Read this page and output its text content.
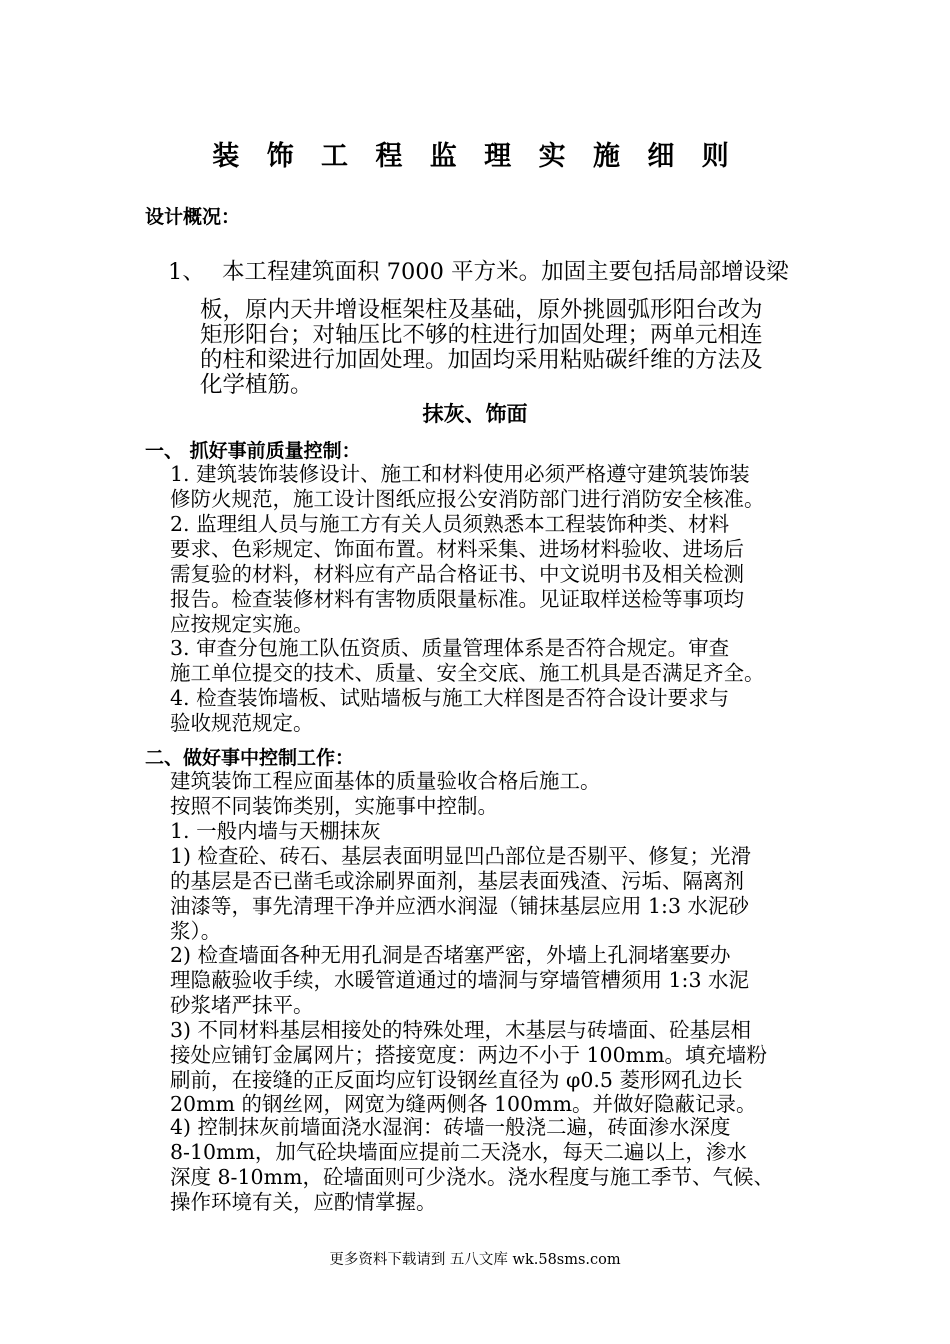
装 饰 工 程 监 理 实 施 细 则
设计概况：
1、 本工程建筑面积 7000 平方米。加固主要包括局部增设梁
板，原内天井增设框架柱及基础，原外挑圆弧形阳台改为
矩形阳台；对轴压比不够的柱进行加固处理；两单元相连
的柱和梁进行加固处理。加固均采用粘贴碳纤维的方法及
化学植筋。
抹灰、饰面
一、 抓好事前质量控制：
1. 建筑装饰装修设计、施工和材料使用必须严格遵守建筑装饰装
修防火规范，施工设计图纸应报公安消防部门进行消防安全核准。
2. 监理组人员与施工方有关人员须熟悉本工程装饰种类、材料
要求、色彩规定、饰面布置。材料采集、进场材料验收、进场后
需复验的材料，材料应有产品合格证书、中文说明书及相关检测
报告。检查装修材料有害物质限量标准。见证取样送检等事项均
应按规定实施。
3. 审查分包施工队伍资质、质量管理体系是否符合规定。审查
施工单位提交的技术、质量、安全交底、施工机具是否满足齐全。
4. 检查装饰墙板、试贴墙板与施工大样图是否符合设计要求与
验收规范规定。
二、做好事中控制工作：
建筑装饰工程应面基体的质量验收合格后施工。
按照不同装饰类别，实施事中控制。
1. 一般内墙与天棚抹灰
1) 检查砼、砖石、基层表面明显凹凸部位是否剔平、修复；光滑
的基层是否已凿毛或涂刷界面剂，基层表面残渣、污垢、隔离剂
油漆等，事先清理干净并应洒水润湿（铺抹基层应用 1:3 水泥砂
浆）。
2) 检查墙面各种无用孔洞是否堵塞严密，外墙上孔洞堵塞要办
理隐蔽验收手续，水暖管道通过的墙洞与穿墙管槽须用 1:3 水泥
砂浆堵严抹平。
3) 不同材料基层相接处的特殊处理，木基层与砖墙面、砼基层相
接处应铺钉金属网片；搭接宽度：两边不小于 100mm。填充墙粉
刷前，在接缝的正反面均应钉设钢丝直径为 φ0.5 菱形网孔边长
20mm 的钢丝网，网宽为缝两侧各 100mm。并做好隐蔽记录。
4) 控制抹灰前墙面浇水湿润：砖墙一般浇二遍，砖面渗水深度
8-10mm，加气砼块墙面应提前二天浇水，每天二遍以上，渗水
深度 8-10mm，砼墙面则可少浇水。浇水程度与施工季节、气候、
操作环境有关，应酌情掌握。
更多资料下载请到 五八文库 wk.58sms.com
